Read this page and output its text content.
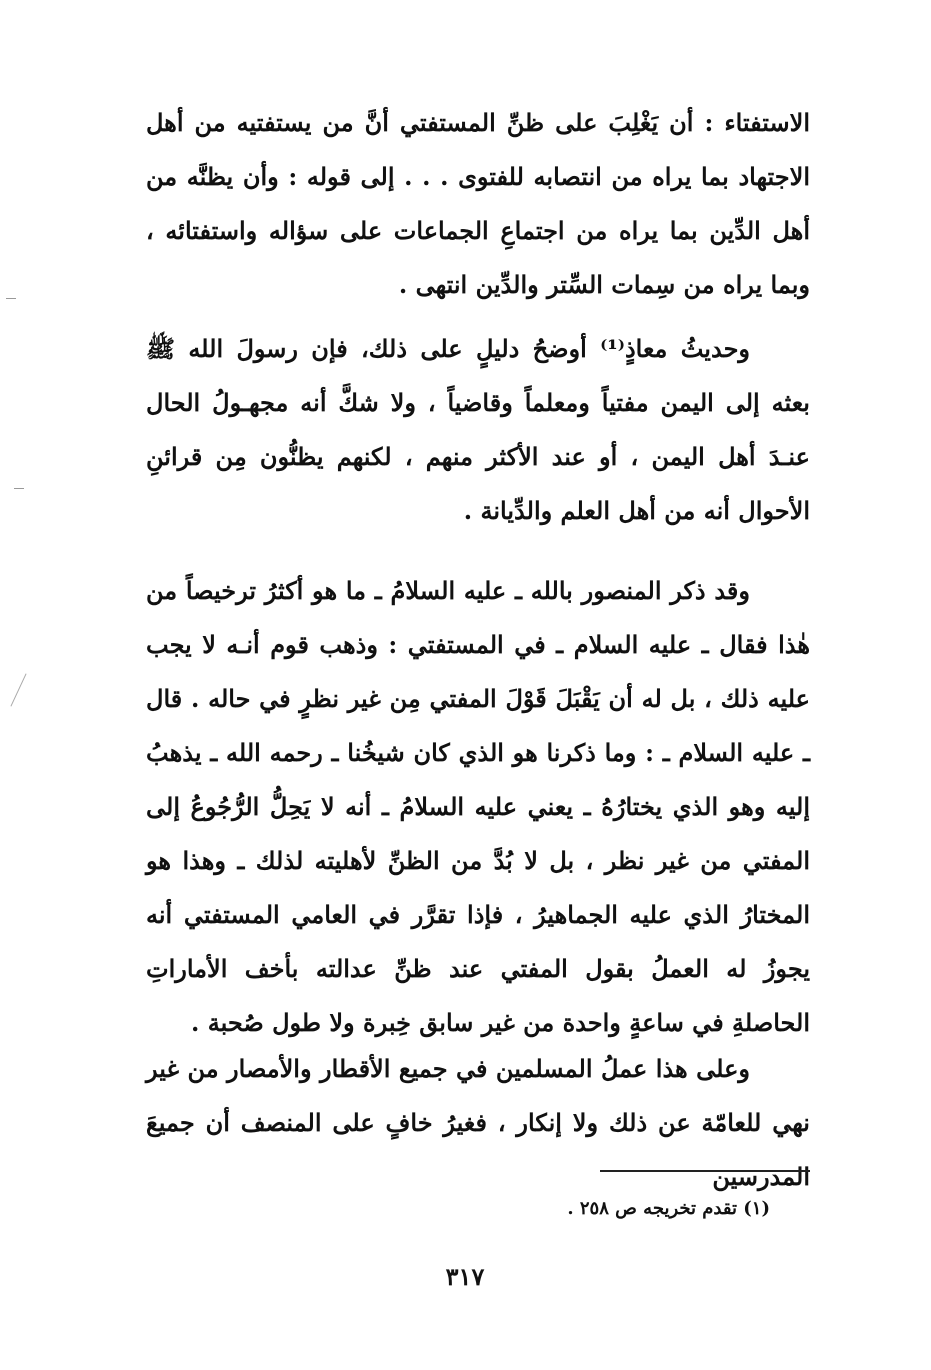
الاستفتاء : أن يَغْلِبَ على ظنِّ المستفتي أنَّ من يستفتيه من أهل الاجتهاد بما يراه من انتصابه للفتوى . . . إلى قوله : وأن يظنَّه من أهل الدِّين بما يراه من اجتماعِ الجماعات على سؤاله واستفتائه ، وبما يراه من سِمات السِّتر والدِّين انتهى .

وحديثُ معاذٍ⁽¹⁾ أوضحُ دليلٍ على ذلك، فإن رسولَ الله ﷺ بعثه إلى اليمن مفتياً ومعلماً وقاضياً ، ولا شكَّ أنه مجهـولُ الحال عنـدَ أهل اليمن ، أو عند الأكثر منهم ، لكنهم يظنُّون مِن قرائنِ الأحوال أنه من أهل العلم والدِّيانة .

وقد ذكر المنصور بالله ـ عليه السلامُ ـ ما هو أكثرُ ترخيصاً من هٰذا فقال ـ عليه السلام ـ في المستفتي : وذهب قوم أنـه لا يجب عليه ذلك ، بل له أن يَقْبَلَ قَوْلَ المفتي مِن غير نظرٍ في حاله . قال ـ عليه السلام ـ : وما ذكرنا هو الذي كان شيخُنا ـ رحمه الله ـ يذهبُ إليه وهو الذي يختارُهُ ـ يعني عليه السلامُ ـ أنه لا يَحِلُّ الرُّجُوعُ إلى المفتي من غير نظر ، بل لا بُدَّ من الظنِّ لأهليته لذلك ـ وهذا هو المختارُ الذي عليه الجماهيرُ ، فإذا تقرَّر في العامي المستفتي أنه يجوزُ له العملُ بقول المفتي عند ظنِّ عدالته بأخف الأماراتِ الحاصلةِ في ساعةٍ واحدة من غير سابق خِبرة ولا طول صُحبة .

وعلى هذا عملُ المسلمين في جميع الأقطار والأمصار من غير نهي للعامّة عن ذلك ولا إنكار ، فغيرُ خافٍ على المنصف أن جميعَ المدرسين

(١) تقدم تخريجه ص ٢٥٨ .

٣١٧
